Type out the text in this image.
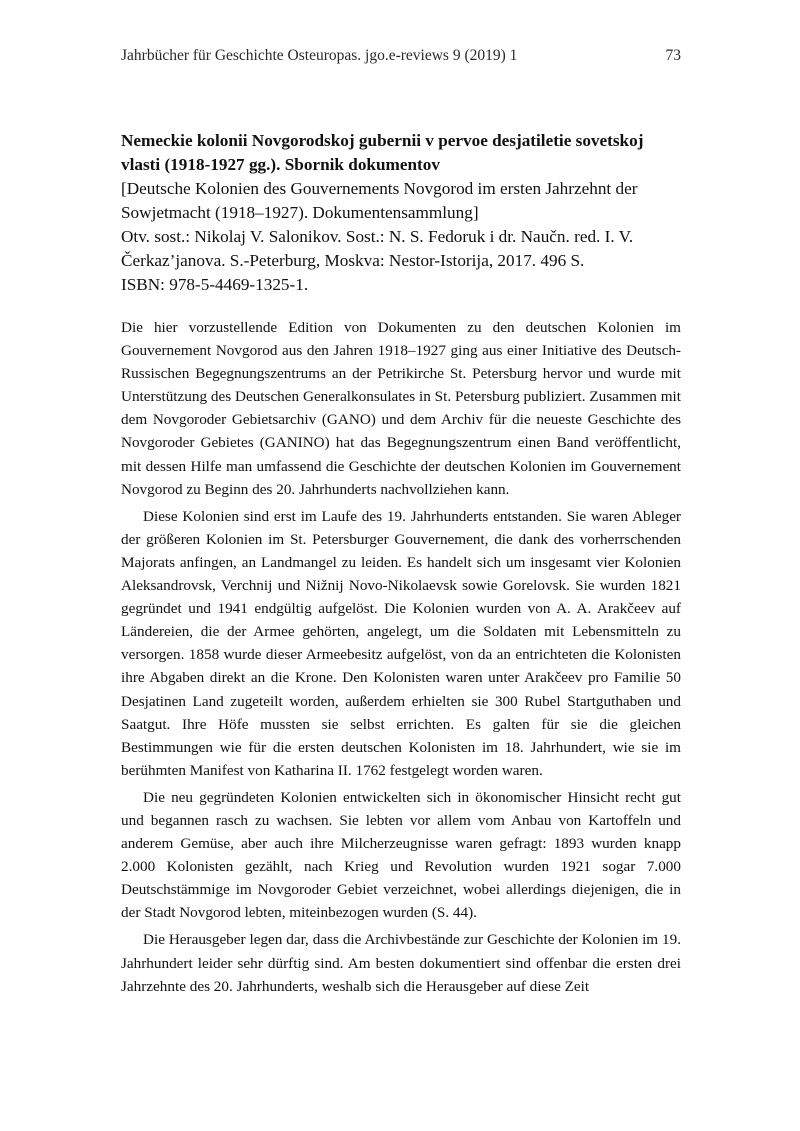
Jahrbücher für Geschichte Osteuropas. jgo.e-reviews 9 (2019) 1	73

Nemeckie kolonii Novgorodskoj gubernii v pervoe desjatiletie sovetskoj vlasti (1918-1927 gg.). Sbornik dokumentov

[Deutsche Kolonien des Gouvernements Novgorod im ersten Jahrzehnt der Sowjetmacht (1918–1927). Dokumentensammlung]

Otv. sost.: Nikolaj V. Salonikov. Sost.: N. S. Fedoruk i dr. Naučn. red. I. V. Čerkaz’janova. S.-Peterburg, Moskva: Nestor-Istorija, 2017. 496 S.

ISBN: 978-5-4469-1325-1.

Die hier vorzustellende Edition von Dokumenten zu den deutschen Kolonien im Gouvernement Novgorod aus den Jahren 1918–1927 ging aus einer Initiative des Deutsch-Russischen Begegnungszentrums an der Petrikirche St. Petersburg hervor und wurde mit Unterstützung des Deutschen Generalkonsulates in St. Petersburg publiziert. Zusammen mit dem Novgoroder Gebietsarchiv (GANO) und dem Archiv für die neueste Geschichte des Novgoroder Gebietes (GANINO) hat das Begegnungszentrum einen Band veröffentlicht, mit dessen Hilfe man umfassend die Geschichte der deutschen Kolonien im Gouvernement Novgorod zu Beginn des 20. Jahrhunderts nachvollziehen kann.

Diese Kolonien sind erst im Laufe des 19. Jahrhunderts entstanden. Sie waren Ableger der größeren Kolonien im St. Petersburger Gouvernement, die dank des vorherrschenden Majorats anfingen, an Landmangel zu leiden. Es handelt sich um insgesamt vier Kolonien Aleksandrovsk, Verchnij und Nižnij Novo-Nikolaevsk sowie Gorelovsk. Sie wurden 1821 gegründet und 1941 endgültig aufgelöst. Die Kolonien wurden von A. A. Arakčeev auf Ländereien, die der Armee gehörten, angelegt, um die Soldaten mit Lebensmitteln zu versorgen. 1858 wurde dieser Armeebesitz aufgelöst, von da an entrichteten die Kolonisten ihre Abgaben direkt an die Krone. Den Kolonisten waren unter Arakčeev pro Familie 50 Desjatinen Land zugeteilt worden, außerdem erhielten sie 300 Rubel Startguthaben und Saatgut. Ihre Höfe mussten sie selbst errichten. Es galten für sie die gleichen Bestimmungen wie für die ersten deutschen Kolonisten im 18. Jahrhundert, wie sie im berühmten Manifest von Katharina II. 1762 festgelegt worden waren.

Die neu gegründeten Kolonien entwickelten sich in ökonomischer Hinsicht recht gut und begannen rasch zu wachsen. Sie lebten vor allem vom Anbau von Kartoffeln und anderem Gemüse, aber auch ihre Milcherzeugnisse waren gefragt: 1893 wurden knapp 2.000 Kolonisten gezählt, nach Krieg und Revolution wurden 1921 sogar 7.000 Deutschstämmige im Novgoroder Gebiet verzeichnet, wobei allerdings diejenigen, die in der Stadt Novgorod lebten, miteinbezogen wurden (S. 44).

Die Herausgeber legen dar, dass die Archivbestände zur Geschichte der Kolonien im 19. Jahrhundert leider sehr dürftig sind. Am besten dokumentiert sind offenbar die ersten drei Jahrzehnte des 20. Jahrhunderts, weshalb sich die Herausgeber auf diese Zeit
